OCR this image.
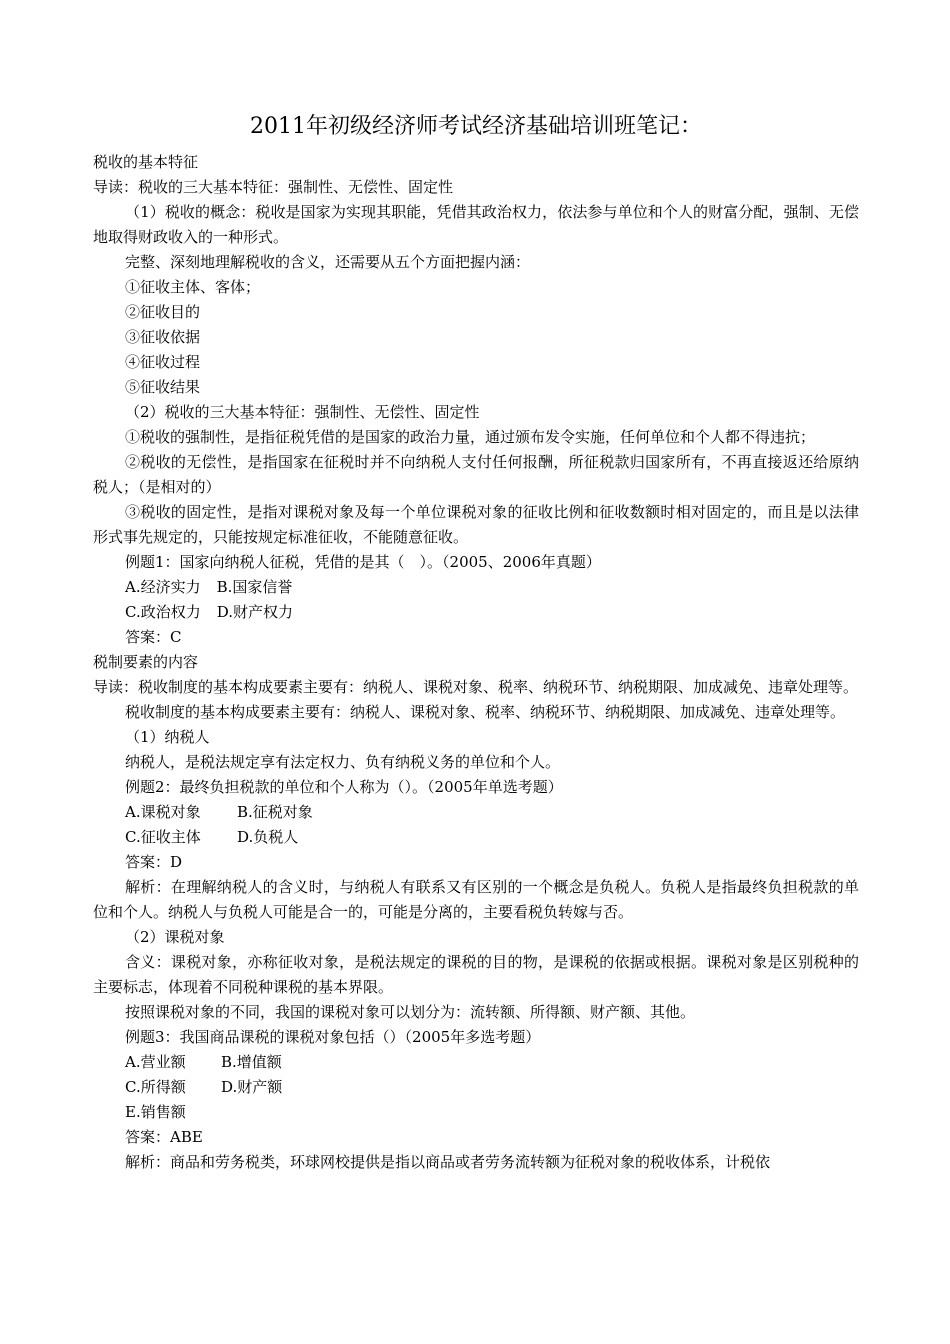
2011年初级经济师考试经济基础培训班笔记：
税收的基本特征
导读：税收的三大基本特征：强制性、无偿性、固定性
（1）税收的概念：税收是国家为实现其职能，凭借其政治权力，依法参与单位和个人的财富分配，强制、无偿地取得财政收入的一种形式。
完整、深刻地理解税收的含义，还需要从五个方面把握内涵：
①征收主体、客体；
②征收目的
③征收依据
④征收过程
⑤征收结果
（2）税收的三大基本特征：强制性、无偿性、固定性
①税收的强制性，是指征税凭借的是国家的政治力量，通过颁布发令实施，任何单位和个人都不得违抗；
②税收的无偿性，是指国家在征税时并不向纳税人支付任何报酬，所征税款归国家所有，不再直接返还给原纳税人；（是相对的）
③税收的固定性，是指对课税对象及每一个单位课税对象的征收比例和征收数额时相对固定的，而且是以法律形式事先规定的，只能按规定标准征收，不能随意征收。
例题1：国家向纳税人征税，凭借的是其（　）。（2005、2006年真题）
A.经济实力 B.国家信誉
C.政治权力 D.财产权力
答案：C
税制要素的内容
导读：税收制度的基本构成要素主要有：纳税人、课税对象、税率、纳税环节、纳税期限、加成减免、违章处理等。
税收制度的基本构成要素主要有：纳税人、课税对象、税率、纳税环节、纳税期限、加成减免、违章处理等。
（1）纳税人
纳税人，是税法规定享有法定权力、负有纳税义务的单位和个人。
例题2：最终负担税款的单位和个人称为（）。（2005年单选考题）
A.课税对象 B.征税对象
C.征收主体 D.负税人
答案：D
解析：在理解纳税人的含义时，与纳税人有联系又有区别的一个概念是负税人。负税人是指最终负担税款的单位和个人。纳税人与负税人可能是合一的，可能是分离的，主要看税负转嫁与否。
（2）课税对象
含义：课税对象，亦称征收对象，是税法规定的课税的目的物，是课税的依据或根据。课税对象是区别税种的主要标志，体现着不同税种课税的基本界限。
按照课税对象的不同，我国的课税对象可以划分为：流转额、所得额、财产额、其他。
例题3：我国商品课税的课税对象包括（）（2005年多选考题）
A.营业额 B.增值额
C.所得额 D.财产额
E.销售额
答案：ABE
解析：商品和劳务税类，环球网校提供是指以商品或者劳务流转额为征税对象的税收体系，计税依
